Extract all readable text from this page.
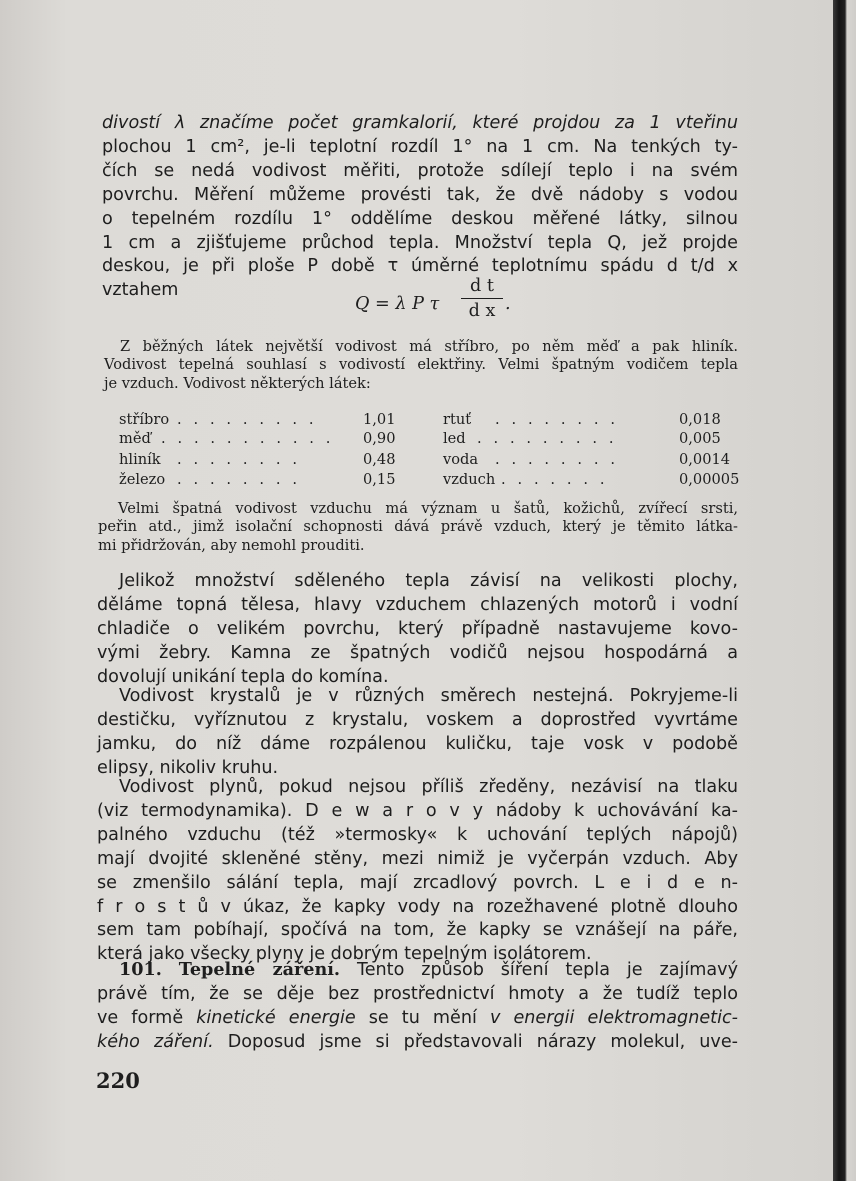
divostí λ značíme počet gramkalorií, které projdou za 1 vteřinu
plochou 1 cm², je-li teplotní rozdíl 1° na 1 cm. Na tenkých ty-
čích se nedá vodivost měřiti, protože sdílejí teplo i na svém
povrchu. Měření můžeme provésti tak, že dvě nádoby s vodou
o tepelném rozdílu 1° oddělíme deskou měřené látky, silnou
1 cm a zjišťujeme průchod tepla. Množství tepla Q, jež projde
deskou, je při ploše P době τ úměrné teplotnímu spádu d t/d x
vztahem

Q = λ P τ
d t
d x .

Z běžných látek největší vodivost má stříbro, po něm měď a pak hliník.
Vodivost tepelná souhlasí s vodivostí elektřiny. Velmi špatným vodičem tepla
je vzduch. Vodivost některých látek:

stříbro . . . . . . . . .	1,01	rtuť . . . . . . . .	0,018
měď . . . . . . . . . . . 0,90	led . . . . . . . . .	0,005
hliník . . . . . . . .	0,48	voda . . . . . . . .	0,0014
železo . . . . . . . .	0,15	vzduch . . . . . . .	0,00005

Velmi špatná vodivost vzduchu má význam u šatů, kožichů, zvířecí srsti,
peřin atd., jimž isolační schopnosti dává právě vzduch, který je těmito látka-
mi přidržován, aby nemohl prouditi.

Jelikož množství sděleného tepla závisí na velikosti plochy,
děláme topná tělesa, hlavy vzduchem chlazených motorů i vodní
chladiče o velikém povrchu, který případně nastavujeme kovo-
vými žebry. Kamna ze špatných vodičů nejsou hospodárná a
dovolují unikání tepla do komína.

Vodivost krystalů je v různých směrech nestejná. Pokryjeme-li
destičku, vyříznutou z krystalu, voskem a doprostřed vyvrtáme
jamku, do níž dáme rozpálenou kuličku, taje vosk v podobě
elipsy, nikoliv kruhu.

Vodivost plynů, pokud nejsou příliš zředěny, nezávisí na tlaku
(viz termodynamika). D e w a r o v y nádoby k uchovávání ka-
palného vzduchu (též »termosky« k uchování teplých nápojů)
mají dvojité skleněné stěny, mezi nimiž je vyčerpán vzduch. Aby
se zmenšilo sálání tepla, mají zrcadlový povrch. L e i d e n-
f r o s t ů v úkaz, že kapky vody na rozežhavené plotně dlouho
sem tam pobíhají, spočívá na tom, že kapky se vznášejí na páře,
která jako všecky plyny je dobrým tepelným isolátorem.

101. Tepelné záření. Tento způsob šíření tepla je zajímavý
právě tím, že se děje bez prostřednictví hmoty a že tudíž teplo
ve formě kinetické energie se tu mění v energii elektromagnetic-
kého záření. Doposud jsme si představovali nárazy molekul, uve-

220
